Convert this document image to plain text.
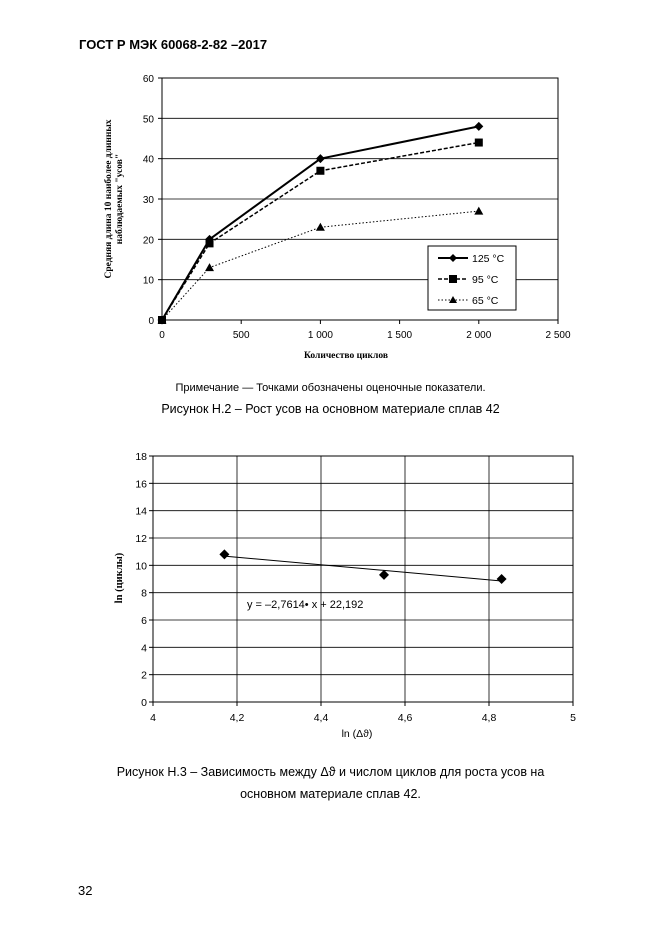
ГОСТ Р МЭК 60068-2-82 –2017
0
10
20
30
40
50
60
0	500	1 000	1 500	2 000	2 500
125 °C
95 °C
65 °C
Количество циклов
Средняя длина 10 наиболее длинных наблюдаемых "усов"
Примечание — Точками обозначены оценочные показатели.
Рисунок Н.2 – Рост усов на основном материале сплав 42
0
2
4
6
8
10
12
14
16
18
4	4,2	4,4	4,6	4,8	5
y = –2,7614• x + 22,192
ln (Δϑ)
ln (циклы)
Рисунок Н.3 – Зависимость между Δϑ и числом циклов для роста усов на
основном материале сплав 42.
32
